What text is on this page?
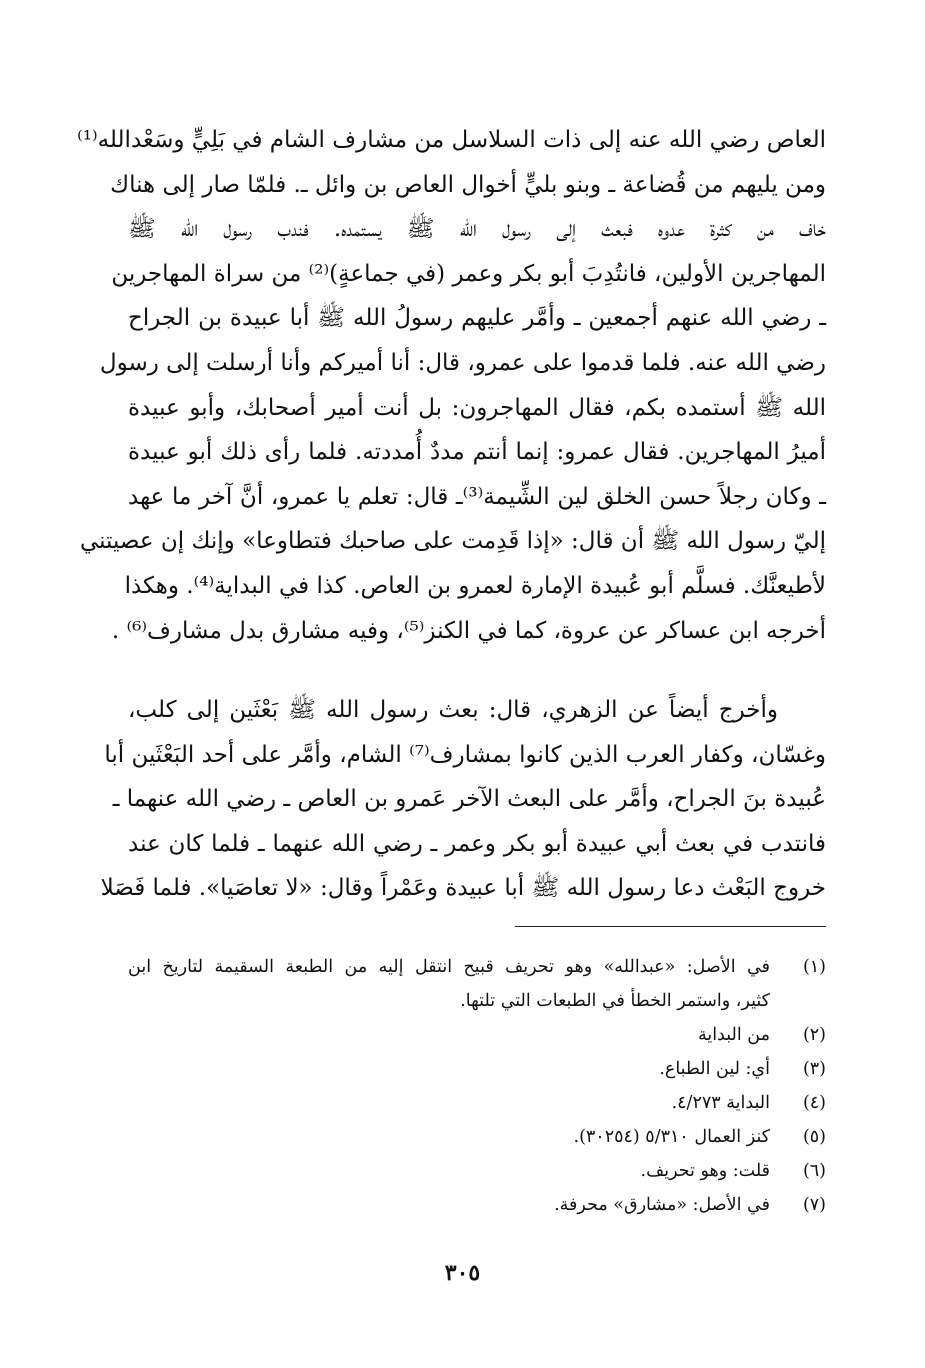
العاص رضي الله عنه إلى ذات السلاسل من مشارف الشام في بَلِيٍّ وسَعْدالله⁽¹⁾
ومن يليهم من قُضاعة ـ وبنو بليٍّ أخوال العاص بن وائل ـ. فلمّا صار إلى هناك
خاف من كثرة عدوه فبعث إلى رسول الله ﷺ يستمده. فندب رسول الله ﷺ
المهاجرين الأولين، فانتُدِبَ أبو بكر وعمر (في جماعةٍ)⁽²⁾ من سراة المهاجرين
ـ رضي الله عنهم أجمعين ـ وأمَّر عليهم رسولُ الله ﷺ أبا عبيدة بن الجراح
رضي الله عنه. فلما قدموا على عمرو، قال: أنا أميركم وأنا أرسلت إلى رسول
الله ﷺ أستمده بكم، فقال المهاجرون: بل أنت أمير أصحابك، وأبو عبيدة
أميرُ المهاجرين. فقال عمرو: إنما أنتم مددٌ أُمددته. فلما رأى ذلك أبو عبيدة
ـ وكان رجلاً حسن الخلق لين الشِّيمة⁽³⁾ـ قال: تعلم يا عمرو، أنَّ آخر ما عهد
إليّ رسول الله ﷺ أن قال: «إذا قَدِمت على صاحبك فتطاوعا» وإنك إن عصيتني
لأطيعنَّك. فسلَّم أبو عُبيدة الإمارة لعمرو بن العاص. كذا في البداية⁽⁴⁾. وهكذا
أخرجه ابن عساكر عن عروة، كما في الكنز⁽⁵⁾، وفيه مشارق بدل مشارف⁽⁶⁾ .
وأخرج أيضاً عن الزهري، قال: بعث رسول الله ﷺ بَعْثَين إلى كلب،
وغسّان، وكفار العرب الذين كانوا بمشارف⁽⁷⁾ الشام، وأمَّر على أحد البَعْثَين أبا
عُبيدة بنَ الجراح، وأمَّر على البعث الآخر عَمرو بن العاص ـ رضي الله عنهما ـ
فانتدب في بعث أبي عبيدة أبو بكر وعمر ـ رضي الله عنهما ـ فلما كان عند
خروج البَعْث دعا رسول الله ﷺ أبا عبيدة وعَمْراً وقال: «لا تعاصَيا». فلما فَصَلا
(١)
في الأصل: «عبدالله» وهو تحريف قبيح انتقل إليه من الطبعة السقيمة لتاريخ ابن
كثير، واستمر الخطأ في الطبعات التي تلتها.
(٢)
من البداية
(٣)
أي: لين الطباع.
(٤)
البداية ٤/٢٧٣.
(٥)
كنز العمال ٥/٣١٠ (٣٠٢٥٤).
(٦)
قلت: وهو تحريف.
(٧)
في الأصل: «مشارق» محرفة.
٣٠٥
